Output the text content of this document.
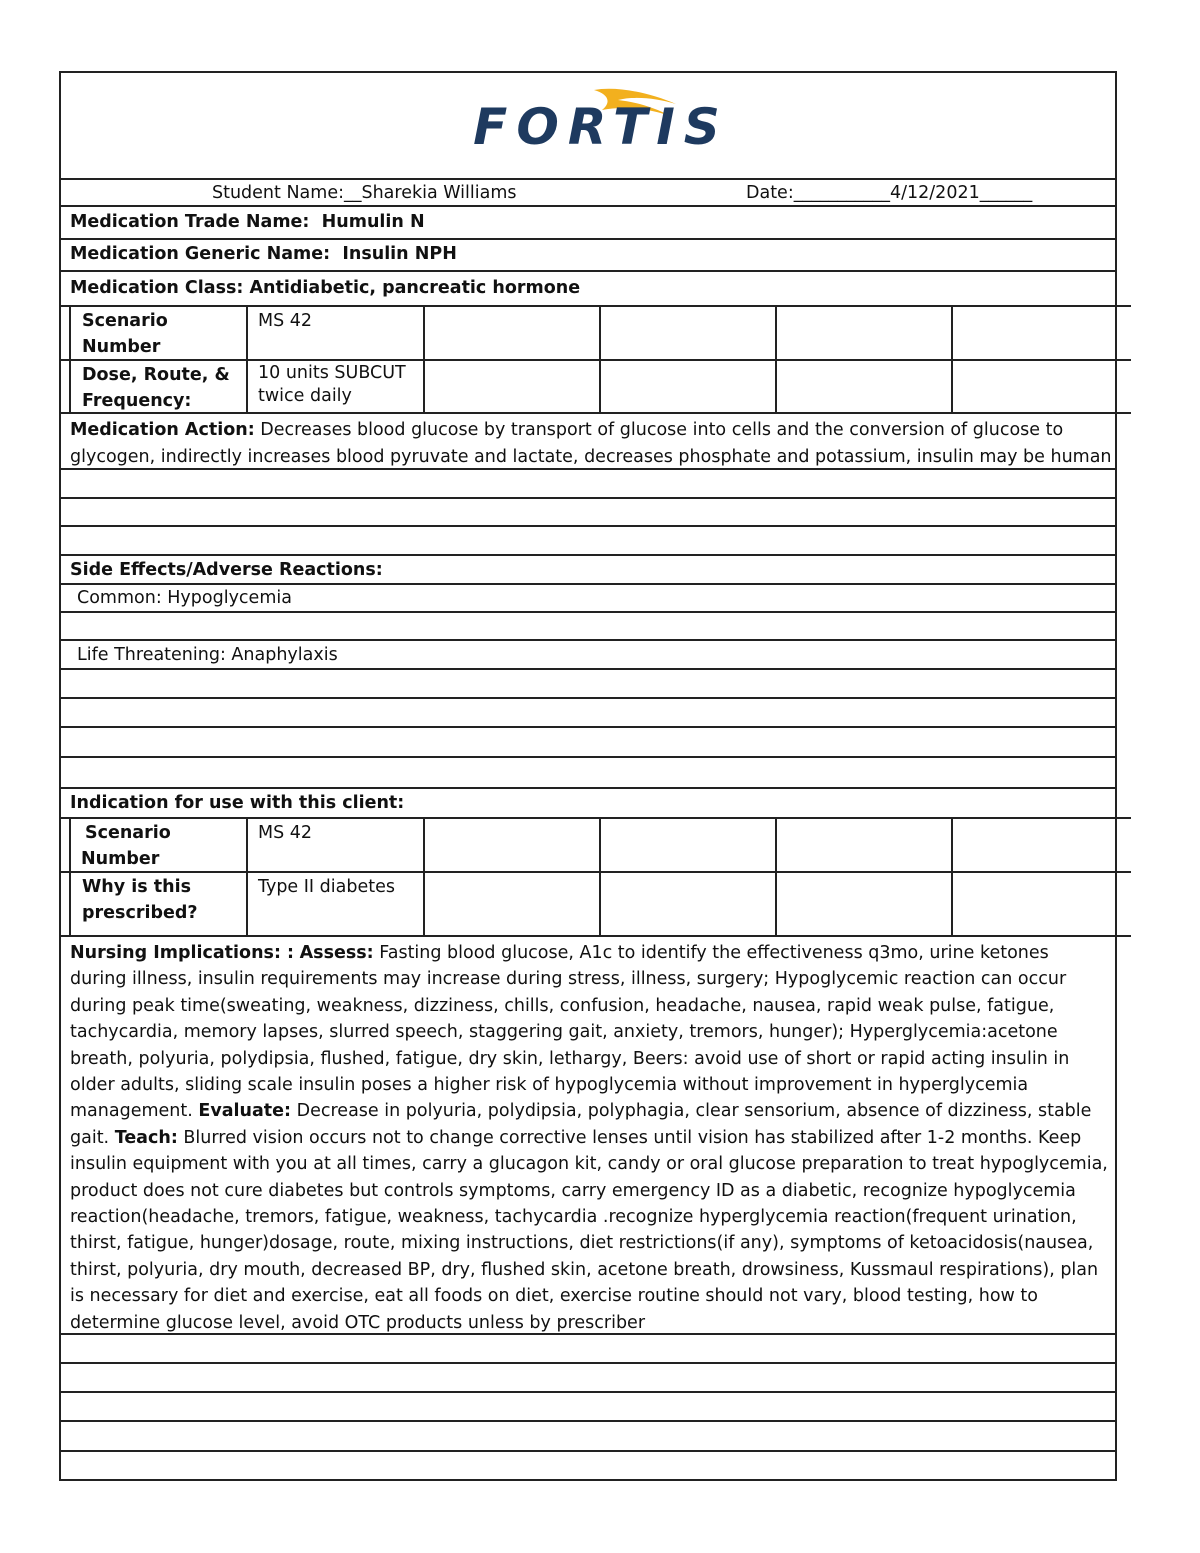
FORTIS
Student Name:__Sharekia Williams	Date:___________4/12/2021______
Medication Trade Name: Humulin N
Medication Generic Name: Insulin NPH
Medication Class: Antidiabetic, pancreatic hormone
Scenario
Number
MS 42
Dose, Route, &
Frequency:
10 units SUBCUT
twice daily
Medication Action: Decreases blood glucose by transport of glucose into cells and the conversion of glucose to
glycogen, indirectly increases blood pyruvate and lactate, decreases phosphate and potassium, insulin may be human
Side Effects/Adverse Reactions:
Common: Hypoglycemia
Life Threatening: Anaphylaxis
Indication for use with this client:
Scenario
Number
MS 42
Why is this
prescribed?
Type II diabetes
Nursing Implications: : Assess: Fasting blood glucose, A1c to identify the effectiveness q3mo, urine ketones during illness, insulin requirements may increase during stress, illness, surgery; Hypoglycemic reaction can occur during peak time(sweating, weakness, dizziness, chills, confusion, headache, nausea, rapid weak pulse, fatigue, tachycardia, memory lapses, slurred speech, staggering gait, anxiety, tremors, hunger); Hyperglycemia:acetone breath, polyuria, polydipsia, flushed, fatigue, dry skin, lethargy, Beers: avoid use of short or rapid acting insulin in older adults, sliding scale insulin poses a higher risk of hypoglycemia without improvement in hyperglycemia management. Evaluate: Decrease in polyuria, polydipsia, polyphagia, clear sensorium, absence of dizziness, stable gait. Teach: Blurred vision occurs not to change corrective lenses until vision has stabilized after 1-2 months. Keep insulin equipment with you at all times, carry a glucagon kit, candy or oral glucose preparation to treat hypoglycemia, product does not cure diabetes but controls symptoms, carry emergency ID as a diabetic, recognize hypoglycemia reaction(headache, tremors, fatigue, weakness, tachycardia .recognize hyperglycemia reaction(frequent urination, thirst, fatigue, hunger)dosage, route, mixing instructions, diet restrictions(if any), symptoms of ketoacidosis(nausea, thirst, polyuria, dry mouth, decreased BP, dry, flushed skin, acetone breath, drowsiness, Kussmaul respirations), plan is necessary for diet and exercise, eat all foods on diet, exercise routine should not vary, blood testing, how to determine glucose level, avoid OTC products unless by prescriber
